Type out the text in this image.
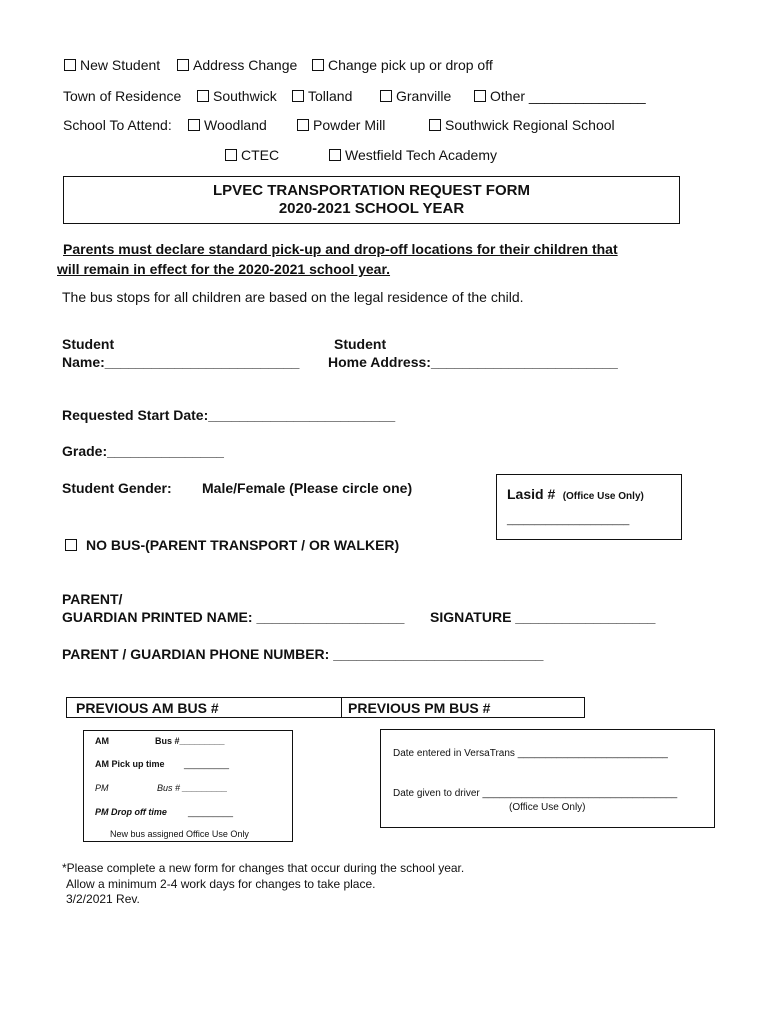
New Student	Address Change	Change pick up or drop off
Town of Residence	Southwick	Tolland	Granville	Other _______________
School To Attend:	Woodland	Powder Mill	Southwick Regional School
CTEC	Westfield Tech Academy
LPVEC TRANSPORTATION REQUEST FORM
2020-2021 SCHOOL YEAR
Parents must declare standard pick-up and drop-off locations for their children that
will remain in effect for the 2020-2021 school year.
The bus stops for all children are based on the legal residence of the child.
Student
Name:_________________________
Student
Home Address:________________________
Requested Start Date:________________________
Grade:_______________
Student Gender: Male/Female (Please circle one)	Lasid # (Office Use Only)
______________________
NO BUS-(PARENT TRANSPORT / OR WALKER)
PARENT/
GUARDIAN PRINTED NAME: ___________________ SIGNATURE __________________
PARENT / GUARDIAN PHONE NUMBER: ___________________________
PREVIOUS AM BUS #	PREVIOUS PM BUS #
AM	Bus #_________
AM Pick up time _________
PM	Bus # _________
PM Drop off time _________
New bus assigned Office Use Only
Date entered in VersaTrans ___________________________
Date given to driver ___________________________________
(Office Use Only)
*Please complete a new form for changes that occur during the school year.
Allow a minimum 2-4 work days for changes to take place.
3/2/2021 Rev.
